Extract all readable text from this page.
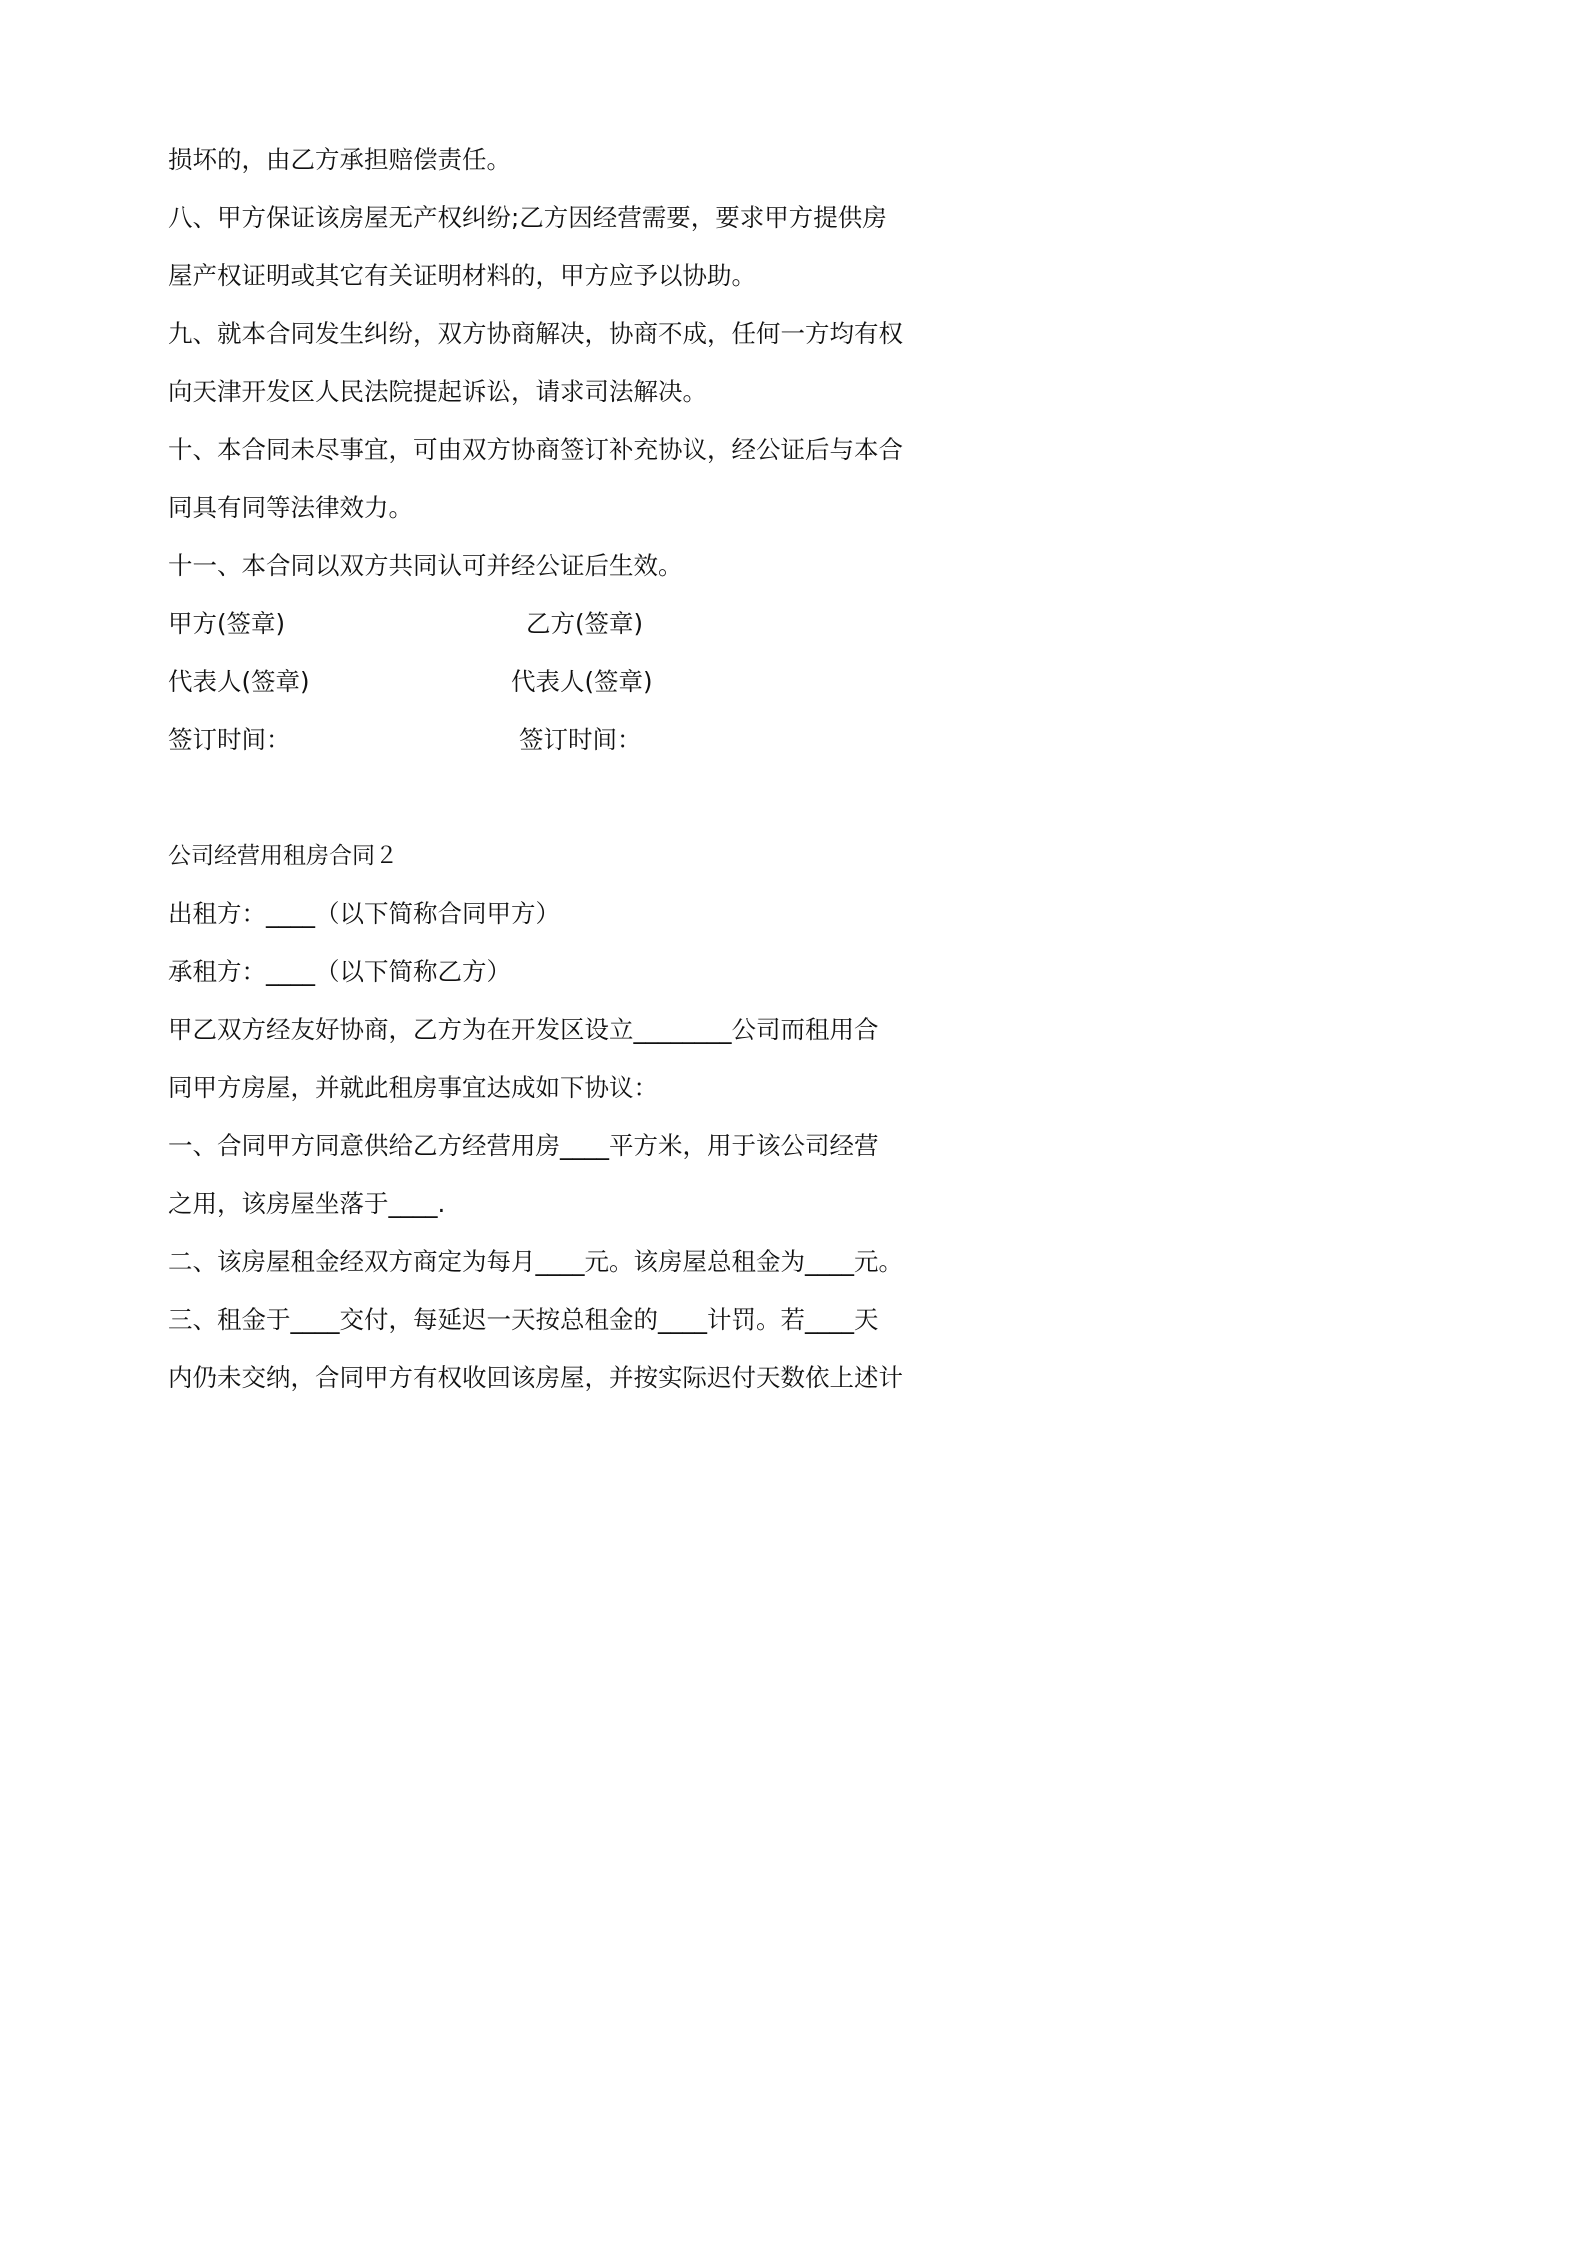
损坏的，由乙方承担赔偿责任。
八、甲方保证该房屋无产权纠纷;乙方因经营需要，要求甲方提供房
屋产权证明或其它有关证明材料的，甲方应予以协助。
九、就本合同发生纠纷，双方协商解决，协商不成，任何一方均有权
向天津开发区人民法院提起诉讼，请求司法解决。
十、本合同未尽事宜，可由双方协商签订补充协议，经公证后与本合
同具有同等法律效力。
十一、本合同以双方共同认可并经公证后生效。
甲方(签章)	乙方(签章)
代表人(签章)	代表人(签章)
签订时间：	签订时间：
公司经营用租房合同２
出租方：____（以下简称合同甲方）
承租方：____（以下简称乙方）
甲乙双方经友好协商，乙方为在开发区设立________公司而租用合
同甲方房屋，并就此租房事宜达成如下协议：
一、合同甲方同意供给乙方经营用房____平方米，用于该公司经营
之用，该房屋坐落于____.
二、该房屋租金经双方商定为每月____元。该房屋总租金为____元。
三、租金于____交付，每延迟一天按总租金的____计罚。若____天
内仍未交纳，合同甲方有权收回该房屋，并按实际迟付天数依上述计
